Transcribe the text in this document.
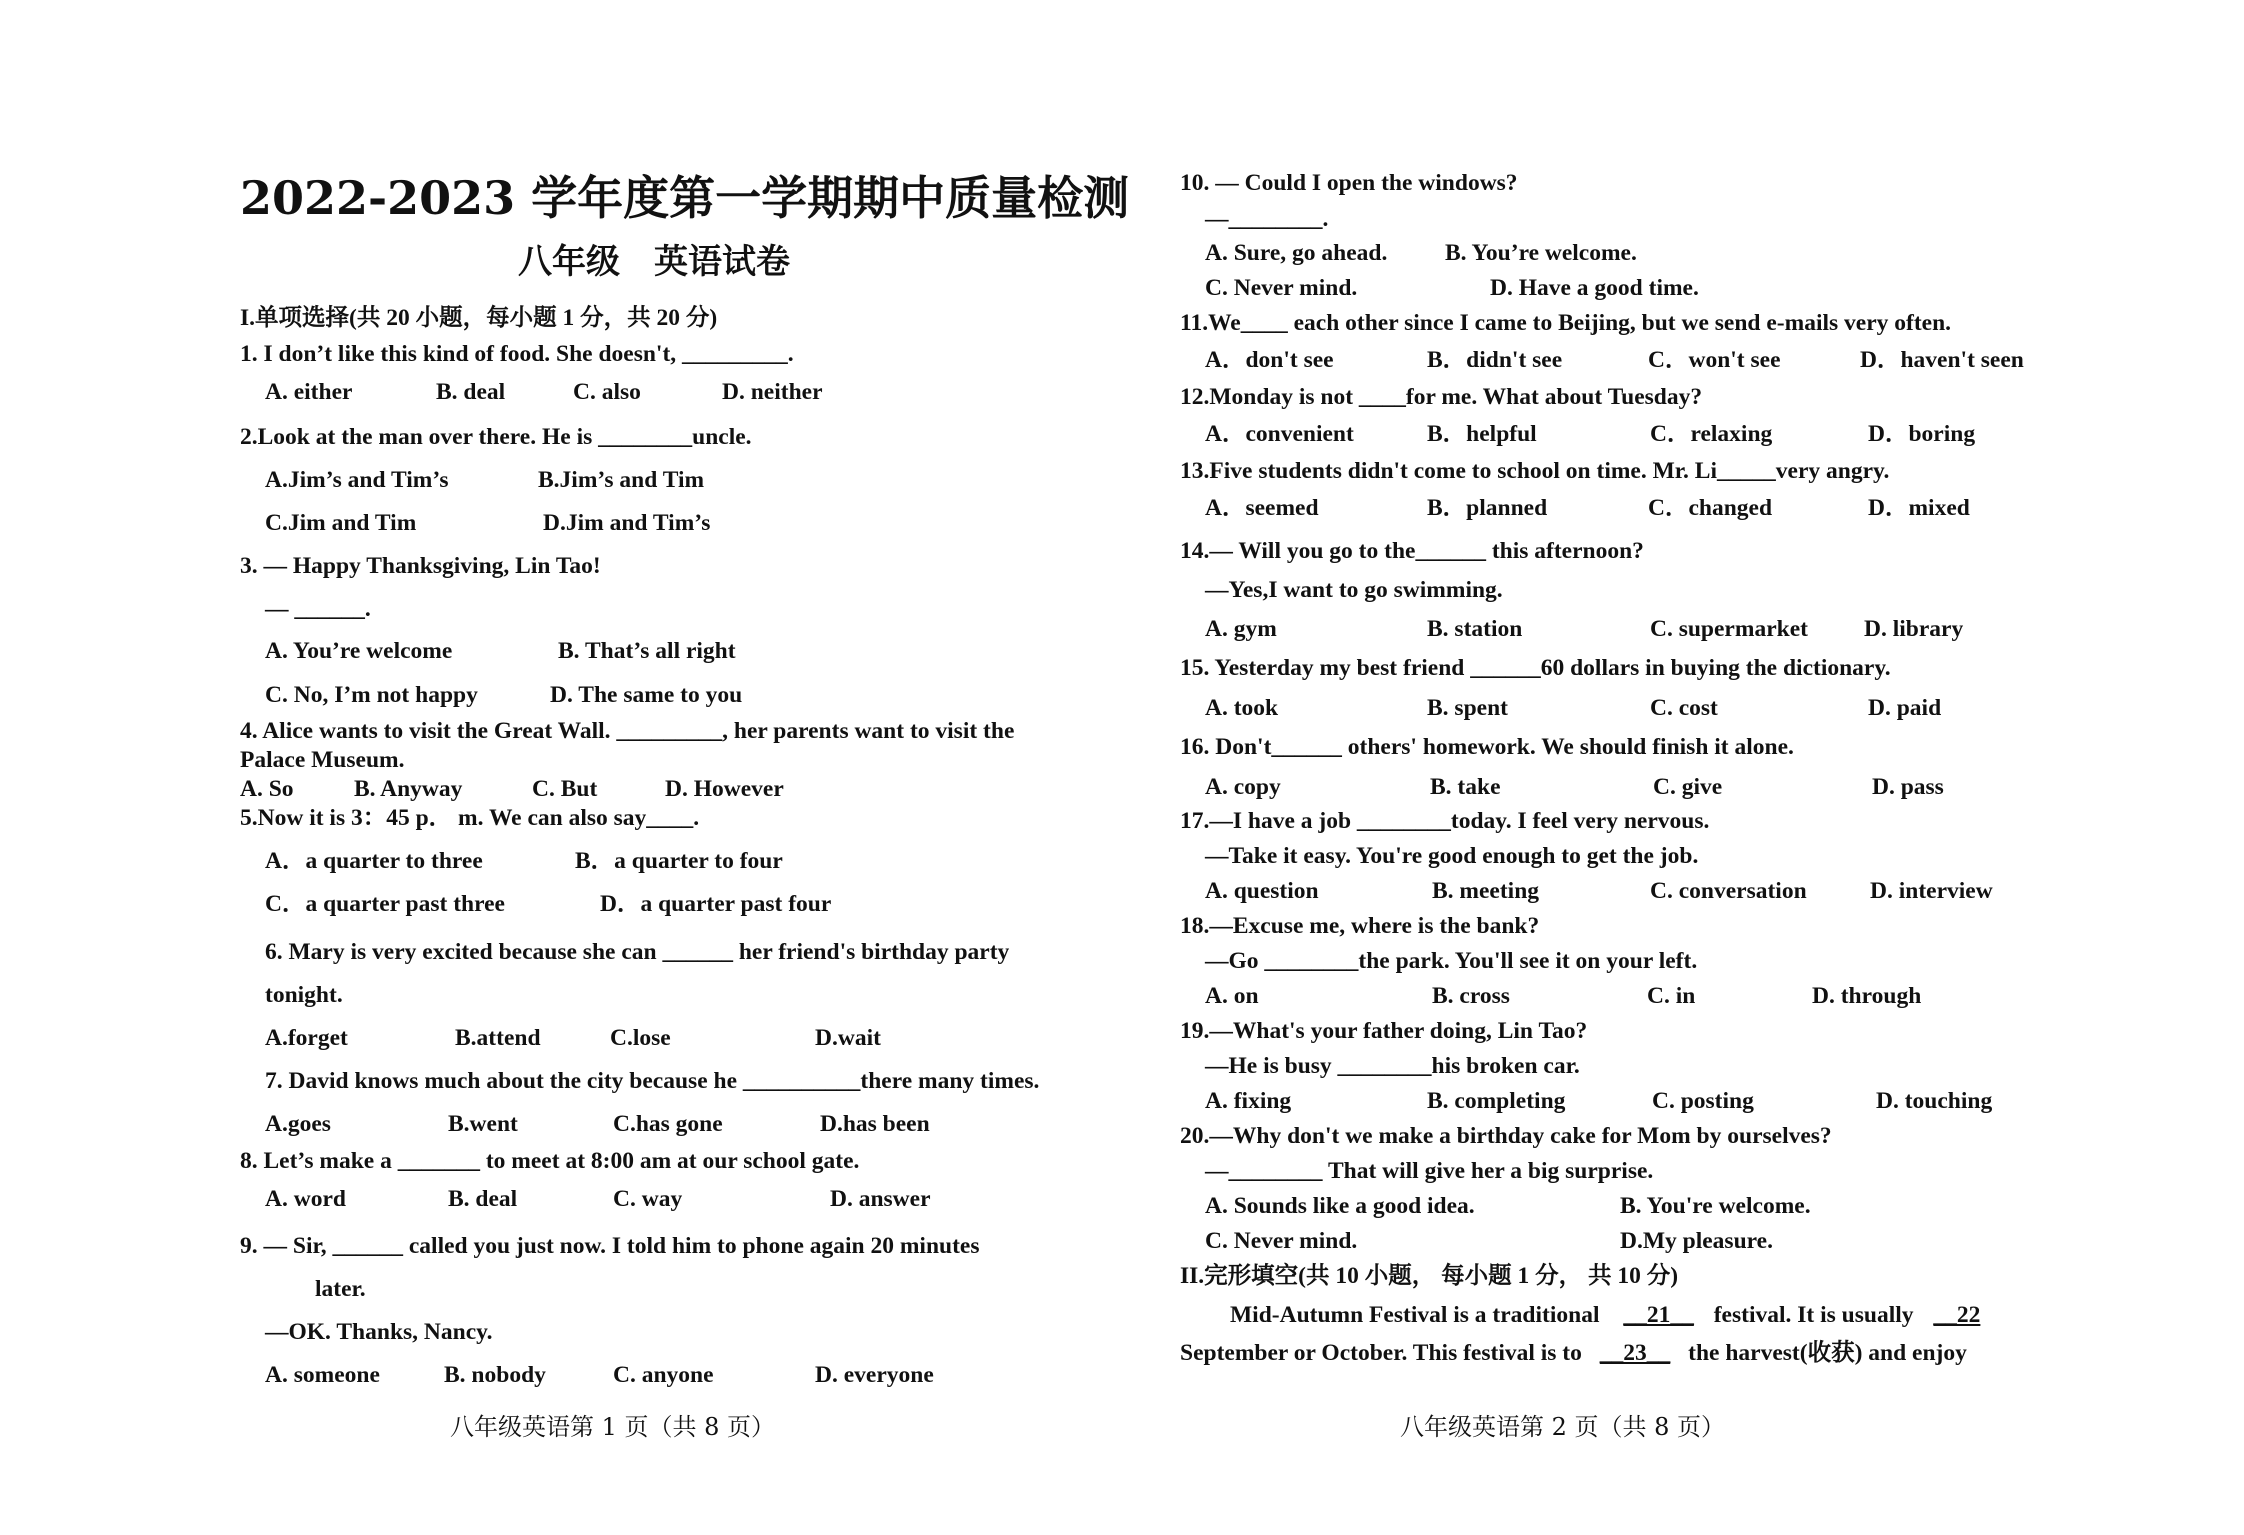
2022-2023 学年度第一学期期中质量检测
八年级　英语试卷
I.单项选择(共 20 小题，每小题 1 分，共 20 分)
1. I don’t like this kind of food. She doesn't, _________.
A. either	B. deal	C. also	D. neither
2.Look at the man over there. He is ________uncle.
A.Jim’s and Tim’s	B.Jim’s and Tim
C.Jim and Tim	D.Jim and Tim’s
3. — Happy Thanksgiving, Lin Tao!
— ______.
A. You’re welcome	B. That’s all right
C. No, I’m not happy	D. The same to you
4. Alice wants to visit the Great Wall. _________, her parents want to visit the
Palace Museum.
A. So	B. Anyway	C. But	D. However
5.Now it is 3：45 p． m. We can also say____.
A．a quarter to three	B．a quarter to four
C．a quarter past three	D．a quarter past four
6. Mary is very excited because she can ______ her friend's birthday party
tonight.
A.forget	B.attend	C.lose	D.wait
7. David knows much about the city because he __________there many times.
A.goes	B.went	C.has gone	D.has been
8. Let’s make a _______ to meet at 8:00 am at our school gate.
A. word	B. deal	C. way	D. answer
9. — Sir, ______ called you just now. I told him to phone again 20 minutes
later.
—OK. Thanks, Nancy.
A. someone	B. nobody	C. anyone	D. everyone
八年级英语第 1 页（共 8 页）
10. — Could I open the windows?
—________.
A. Sure, go ahead. B. You’re welcome.
C. Never mind.	D. Have a good time.
11.We____ each other since I came to Beijing, but we send e-mails very often.
A．don't see	B．didn't see	C．won't see	D．haven't seen
12.Monday is not ____for me. What about Tuesday?
A．convenient	B．helpful	C．relaxing	D．boring
13.Five students didn't come to school on time. Mr. Li_____very angry.
A．seemed	B．planned	C．changed	D．mixed
14.— Will you go to the______ this afternoon?
—Yes,I want to go swimming.
A. gym	B. station	C. supermarket D. library
15. Yesterday my best friend ______60 dollars in buying the dictionary.
A. took	B. spent	C. cost	D. paid
16. Don't______ others' homework. We should finish it alone.
A. copy	B. take	C. give	D. pass
17.—I have a job ________today. I feel very nervous.
—Take it easy. You're good enough to get the job.
A. question	B. meeting	C. conversation	D. interview
18.—Excuse me, where is the bank?
—Go ________the park. You'll see it on your left.
A. on	B. cross	C. in	D. through
19.—What's your father doing, Lin Tao?
—He is busy ________his broken car.
A. fixing	B. completing	C. posting	D. touching
20.—Why don't we make a birthday cake for Mom by ourselves?
—________ That will give her a big surprise.
A. Sounds like a good idea.	B. You're welcome.
C. Never mind.	D.My pleasure.
II.完形填空(共 10 小题， 每小题 1 分， 共 10 分)
Mid-Autumn Festival is a traditional __21__ festival. It is usually __22
September or October. This festival is to __23__ the harvest(收获) and enjoy
八年级英语第 2 页（共 8 页）
